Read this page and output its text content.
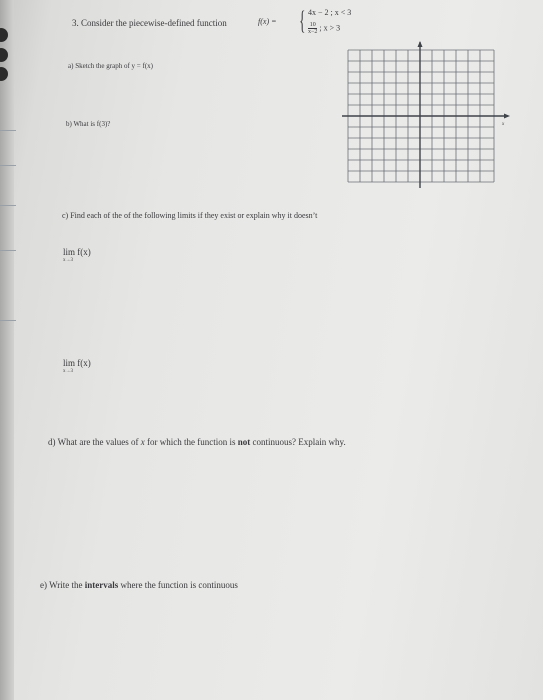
3. Consider the piecewise-defined function	f(x) = { 4x − 2 ; x < 3
$\frac{10}{x-2}$ ; x > 3
a) Sketch the graph of y = f(x)
b) What is f(3)?	x
c) Find each of the of the following limits if they exist or explain why it doesn’t
lim f(x)
x→3
lim f(x)
x→3
d) What are the values of x for which the function is not continuous? Explain why.
e) Write the intervals where the function is continuous
